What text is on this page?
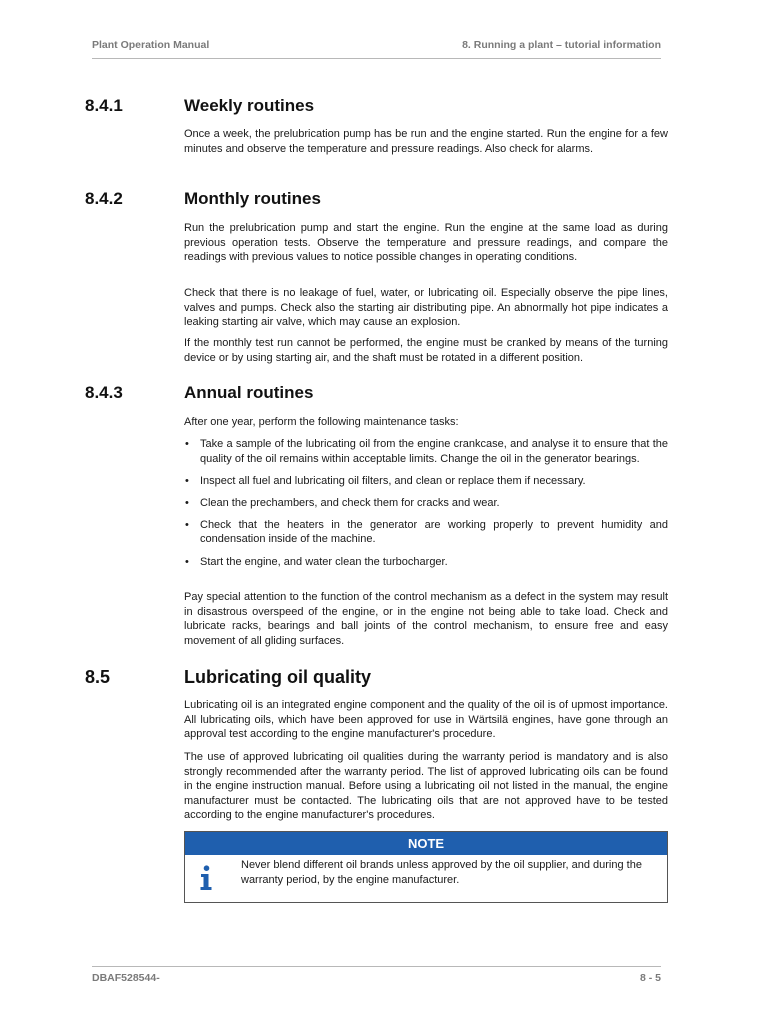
Plant Operation Manual	8. Running a plant – tutorial information
8.4.1	Weekly routines
Once a week, the prelubrication pump has be run and the engine started. Run the engine for a few minutes and observe the temperature and pressure readings. Also check for alarms.
8.4.2	Monthly routines
Run the prelubrication pump and start the engine. Run the engine at the same load as during previous operation tests. Observe the temperature and pressure readings, and compare the readings with previous values to notice possible changes in operating conditions.
Check that there is no leakage of fuel, water, or lubricating oil. Especially observe the pipe lines, valves and pumps. Check also the starting air distributing pipe. An abnormally hot pipe indicates a leaking starting air valve, which may cause an explosion.
If the monthly test run cannot be performed, the engine must be cranked by means of the turning device or by using starting air, and the shaft must be rotated in a different position.
8.4.3	Annual routines
After one year, perform the following maintenance tasks:
• Take a sample of the lubricating oil from the engine crankcase, and analyse it to ensure that the quality of the oil remains within acceptable limits. Change the oil in the generator bearings.
• Inspect all fuel and lubricating oil filters, and clean or replace them if necessary.
• Clean the prechambers, and check them for cracks and wear.
• Check that the heaters in the generator are working properly to prevent humidity and condensation inside of the machine.
• Start the engine, and water clean the turbocharger.
Pay special attention to the function of the control mechanism as a defect in the system may result in disastrous overspeed of the engine, or in the engine not being able to take load. Check and lubricate racks, bearings and ball joints of the control mechanism, to ensure free and easy movement of all gliding surfaces.
8.5	Lubricating oil quality
Lubricating oil is an integrated engine component and the quality of the oil is of upmost importance. All lubricating oils, which have been approved for use in Wärtsilä engines, have gone through an approval test according to the engine manufacturer's procedure.
The use of approved lubricating oil qualities during the warranty period is mandatory and is also strongly recommended after the warranty period. The list of approved lubricating oils can be found in the engine instruction manual. Before using a lubricating oil not listed in the manual, the engine manufacturer must be contacted. The lubricating oils that are not approved have to be tested according to the engine manufacturer's procedures.
NOTE
Never blend different oil brands unless approved by the oil supplier, and during the warranty period, by the engine manufacturer.
DBAF528544-	8 - 5
